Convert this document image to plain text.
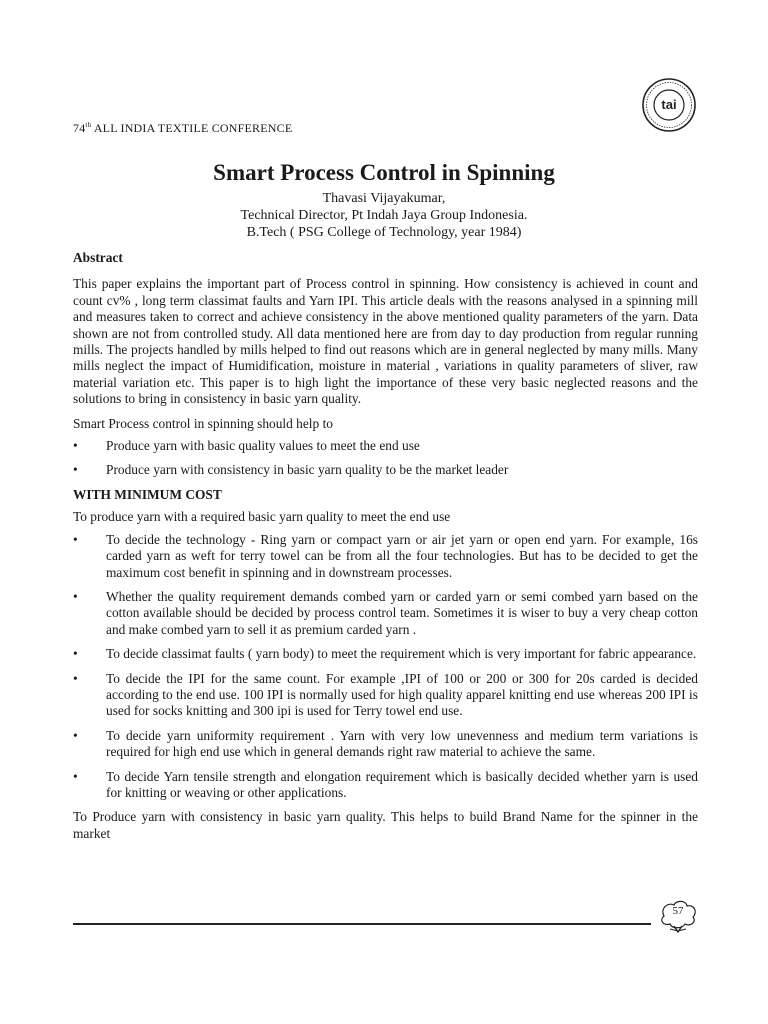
74th ALL INDIA TEXTILE CONFERENCE
tai
Smart Process Control in Spinning
Thavasi Vijayakumar,
Technical Director, Pt Indah Jaya Group Indonesia.
B.Tech ( PSG College of Technology, year 1984)
Abstract
This paper explains the important part of Process control in spinning. How consistency is achieved in count and count cv% , long term classimat faults and Yarn IPI. This article deals with the reasons analysed in a spinning mill and measures taken to correct and achieve consistency in the above mentioned quality parameters of the yarn. Data shown are not from controlled study. All data mentioned here are from day to day production from regular running mills. The projects handled by mills helped to find out reasons which are in general neglected by many mills. Many mills neglect the impact of Humidification, moisture in material , variations in quality parameters of sliver, raw material variation etc. This paper is to high light the importance of these very basic neglected reasons and the solutions to bring in consistency in basic yarn quality.
Smart Process control in spinning should help to
• Produce yarn with basic quality values to meet the end use
• Produce yarn with consistency in basic yarn quality to be the market leader
WITH MINIMUM COST
To produce yarn with a required basic yarn quality to meet the end use
• To decide the technology - Ring yarn or compact yarn or air jet yarn or open end yarn. For example, 16s carded yarn as weft for terry towel can be from all the four technologies. But has to be decided to get the maximum cost benefit in spinning and in downstream processes.
• Whether the quality requirement demands combed yarn or carded yarn or semi combed yarn based on the cotton available should be decided by process control team. Sometimes it is wiser to buy a very cheap cotton and make combed yarn to sell it as premium carded yarn .
• To decide classimat faults ( yarn body) to meet the requirement which is very important for fabric appearance.
• To decide the IPI for the same count. For example ,IPI of 100 or 200 or 300 for 20s carded is decided according to the end use. 100 IPI is normally used for high quality apparel knitting end use whereas 200 IPI is used for socks knitting and 300 ipi is used for Terry towel end use.
• To decide yarn uniformity requirement . Yarn with very low unevenness and medium term variations is required for high end use which in general demands right raw material to achieve the same.
• To decide Yarn tensile strength and elongation requirement which is basically decided whether yarn is used for knitting or weaving or other applications.
To Produce yarn with consistency in basic yarn quality. This helps to build Brand Name for the spinner in the market
57
